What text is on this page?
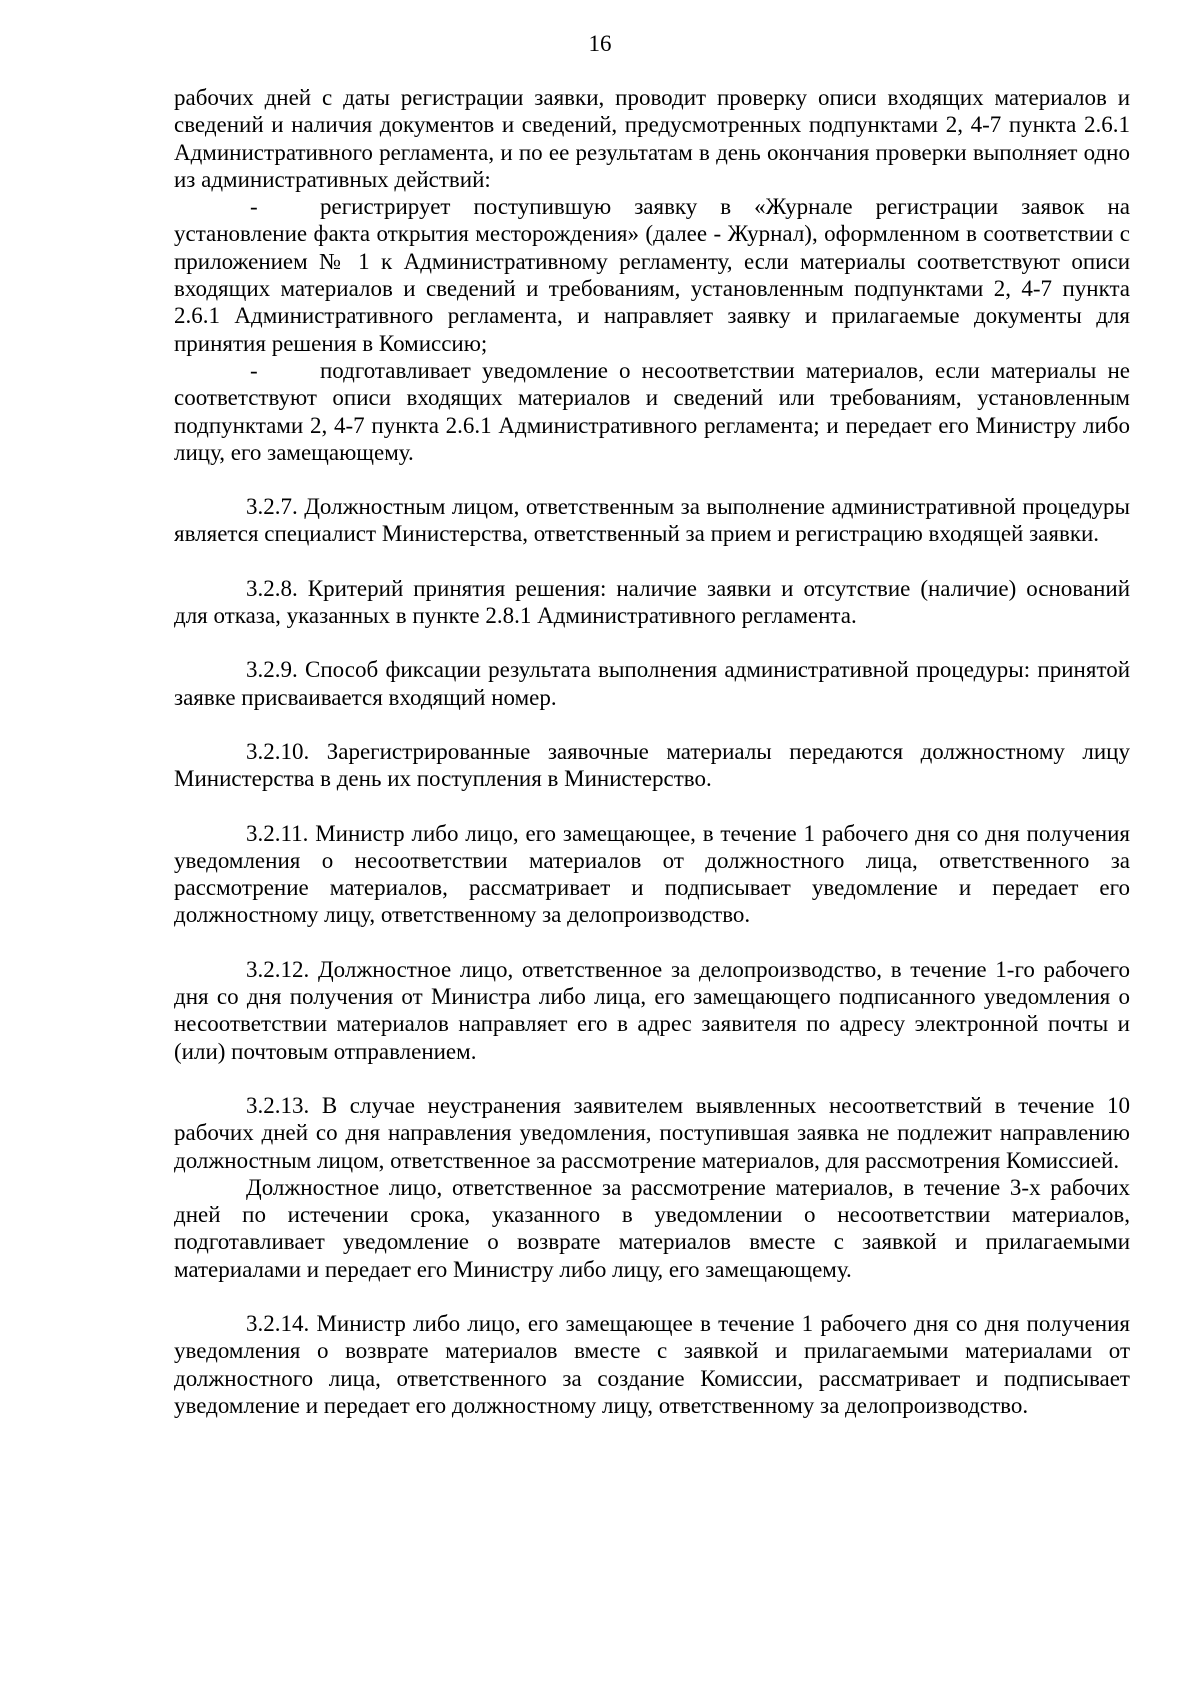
16

рабочих дней с даты регистрации заявки, проводит проверку описи входящих материалов и сведений и наличия документов и сведений, предусмотренных подпунктами 2, 4-7 пункта 2.6.1 Административного регламента, и по ее результатам в день окончания проверки выполняет одно из административных действий:

-	регистрирует поступившую заявку в «Журнале регистрации заявок на установление факта открытия месторождения» (далее - Журнал), оформленном в соответствии с приложением № 1 к Административному регламенту, если материалы соответствуют описи входящих материалов и сведений и требованиям, установленным подпунктами 2, 4-7 пункта 2.6.1 Административного регламента, и направляет заявку и прилагаемые документы для принятия решения в Комиссию;

-	подготавливает уведомление о несоответствии материалов, если материалы не соответствуют описи входящих материалов и сведений или требованиям, установленным подпунктами 2, 4-7 пункта 2.6.1 Административного регламента; и передает его Министру либо лицу, его замещающему.

3.2.7. Должностным лицом, ответственным за выполнение административной процедуры является специалист Министерства, ответственный за прием и регистрацию входящей заявки.

3.2.8. Критерий принятия решения: наличие заявки и отсутствие (наличие) оснований для отказа, указанных в пункте 2.8.1 Административного регламента.

3.2.9. Способ фиксации результата выполнения административной процедуры: принятой заявке присваивается входящий номер.

3.2.10. Зарегистрированные заявочные материалы передаются должностному лицу Министерства в день их поступления в Министерство.

3.2.11. Министр либо лицо, его замещающее, в течение 1 рабочего дня со дня получения уведомления о несоответствии материалов от должностного лица, ответственного за рассмотрение материалов, рассматривает и подписывает уведомление и передает его должностному лицу, ответственному за делопроизводство.

3.2.12. Должностное лицо, ответственное за делопроизводство, в течение 1-го рабочего дня со дня получения от Министра либо лица, его замещающего подписанного уведомления о несоответствии материалов направляет его в адрес заявителя по адресу электронной почты и (или) почтовым отправлением.

3.2.13. В случае неустранения заявителем выявленных несоответствий в течение 10 рабочих дней со дня направления уведомления, поступившая заявка не подлежит направлению должностным лицом, ответственное за рассмотрение материалов, для рассмотрения Комиссией.

Должностное лицо, ответственное за рассмотрение материалов, в течение 3-х рабочих дней по истечении срока, указанного в уведомлении о несоответствии материалов, подготавливает уведомление о возврате материалов вместе с заявкой и прилагаемыми материалами и передает его Министру либо лицу, его замещающему.

3.2.14. Министр либо лицо, его замещающее в течение 1 рабочего дня со дня получения уведомления о возврате материалов вместе с заявкой и прилагаемыми материалами от должностного лица, ответственного за создание Комиссии, рассматривает и подписывает уведомление и передает его должностному лицу, ответственному за делопроизводство.
